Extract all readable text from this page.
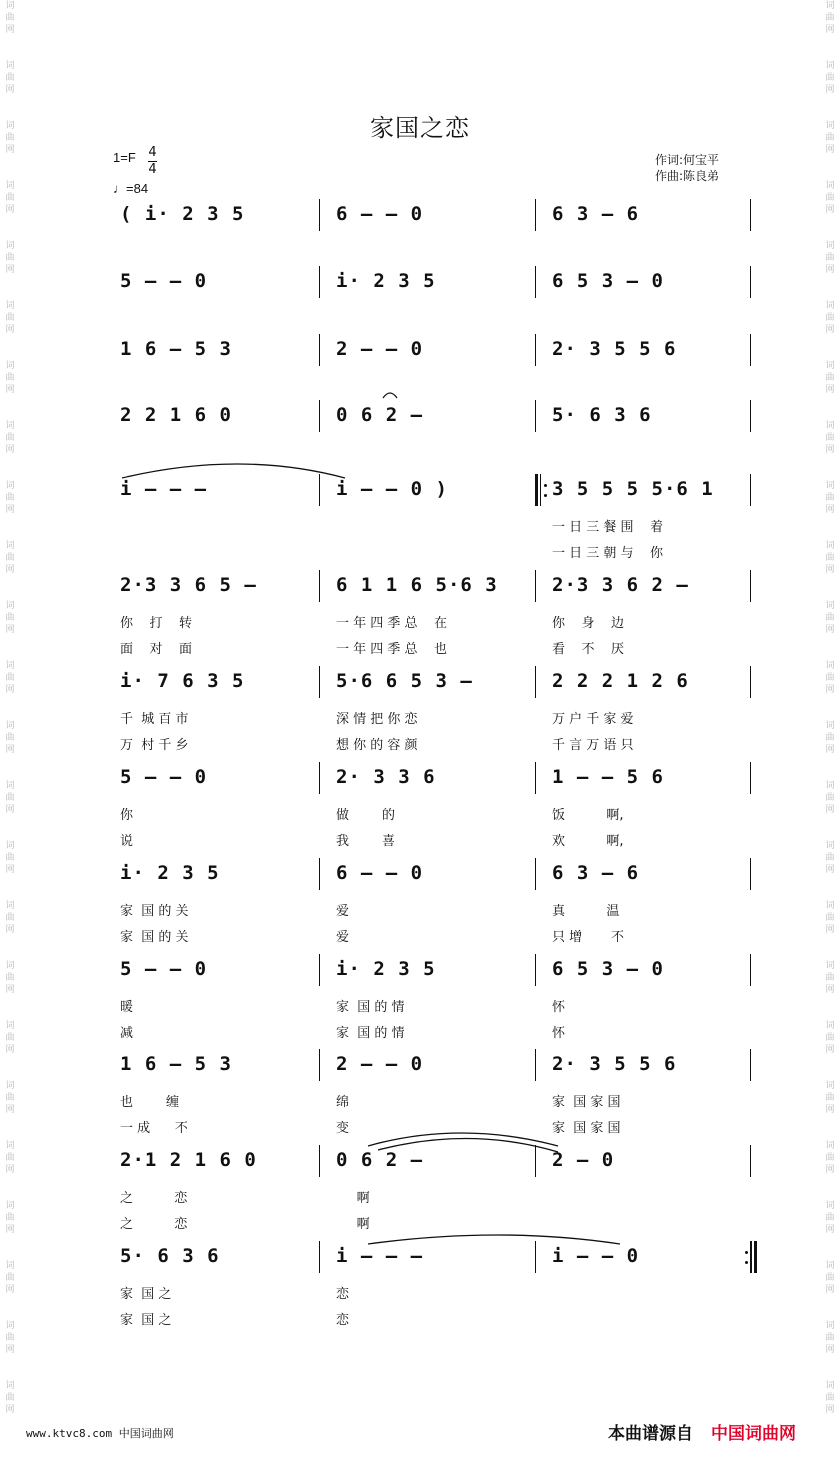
词
曲
网
词
曲
网
词
曲
网
词
曲
网
词
曲
网
词
曲
网
词
曲
网
词
曲
网
词
曲
网
词
曲
网
词
曲
网
词
曲
网
词
曲
网
词
曲
网
词
曲
网
词
曲
网
词
曲
网
词
曲
网
词
曲
网
词
曲
网
词
曲
网
词
曲
网
词
曲
网
词
曲
网
词
曲
网
词
曲
网
词
曲
网
词
曲
网
词
曲
网
词
曲
网
词
曲
网
词
曲
网
词
曲
网
词
曲
网
词
曲
网
词
曲
网
词
曲
网
词
曲
网
词
曲
网
词
曲
网
词
曲
网
词
曲
网
词
曲
网
词
曲
网
词
曲
网
词
曲
网
词
曲
网
词
曲
网
家国之恋
1=F 4
4
♩=84
作词:何宝平
作曲:陈良弟
( i· 2 3 5	6 – – 0	6 3 – 6
5 – – 0	i· 2 3 5	6 5 3 – 0
1 6 – 5 3	2 – – 0	2· 3 5 5 6
2 2 1 6 0	0 6 2 –	5· 6 3 6
i – – –	i – – 0 )	3 5 5 5 5·6 1
一 日 三 餐 围    着
一 日 三 朝 与    你
2·3 3 6 5 –	6 1 1 6 5·6 3	2·3 3 6 2 –
你    打    转	一 年 四 季 总    在	你    身    边
面    对    面	一 年 四 季 总    也	看    不    厌
i· 7 6 3 5	5·6 6 5 3 –	2 2 2 1 2 6
千  城 百 市	深 情 把 你 恋	万 户 千 家 爱
万  村 千 乡	想 你 的 容 颜	千 言 万 语 只
5 – – 0	2· 3 3 6	1 – – 5 6
你	做        的	饭          啊,
说	我        喜	欢          啊,
i· 2 3 5	6 – – 0	6 3 – 6
家  国 的 关	爱	真          温
家  国 的 关	爱	只 增       不
5 – – 0	i· 2 3 5	6 5 3 – 0
暖	家  国 的 情	怀
减	家  国 的 情	怀
1 6 – 5 3	2 – – 0	2· 3 5 5 6
也        缠	绵	家  国 家 国
一 成      不	变	家  国 家 国
2·1 2 1 6 0	0 6 2 –	2 – 0
之          恋	啊
之          恋	啊
5· 6 3 6	i – – –	i – – 0
家  国 之	恋
家  国 之	恋
www.ktvc8.com 中国词曲网	本曲谱源自 中国词曲网
